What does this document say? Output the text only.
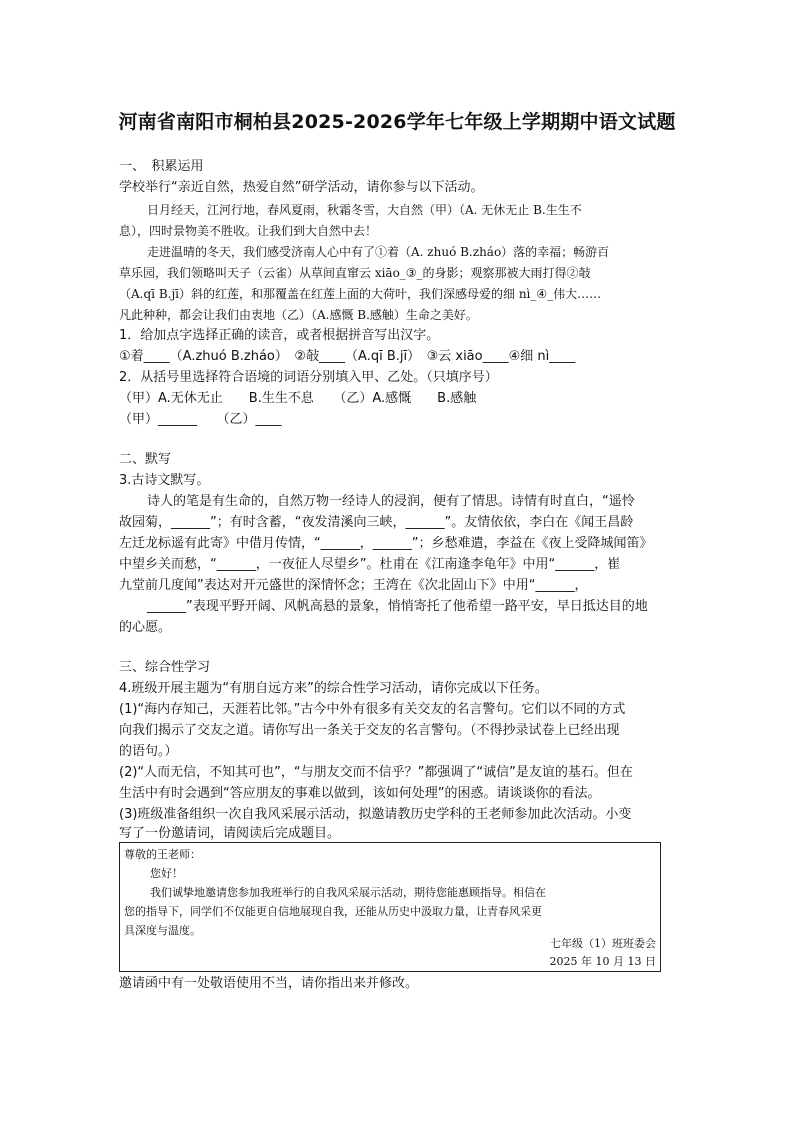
河南省南阳市桐柏县2025-2026学年七年级上学期期中语文试题
一、　积累运用
学校举行“亲近自然，热爱自然”研学活动，请你参与以下活动。
日月经天，江河行地，春风夏雨，秋霜冬雪，大自然（甲）（A. 无休无止 B.生生不
息），四时景物美不胜收。让我们到大自然中去！
走进温晴的冬天，我们感受济南人心中有了①着（A. zhuó B.zháo）落的幸福；畅游百
草乐园，我们领略叫天子（云雀）从草间直窜云 xiāo_③_的身影；观察那被大雨打得②敧
（A.qī B.jī）斜的红莲，和那覆盖在红莲上面的大荷叶，我们深感母爱的细 nì_④_伟大……
凡此种种，都会让我们由衷地（乙）（A.感慨 B.感触）生命之美好。
1．给加点字选择正确的读音，或者根据拼音写出汉字。
①着____（A.zhuó B.zháo）　②敧____（A.qī B.jī）　③云 xiāo____④细 nì____
2．从括号里选择符合语境的词语分别填入甲、乙处。（只填序号）
（甲）A.无休无止　　B.生生不息　　（乙）A.感慨　　B.感触
（甲）______　　（乙）____
二、默写
3.古诗文默写。
诗人的笔是有生命的，自然万物一经诗人的浸润，便有了情思。诗情有时直白，“遥怜
故园菊，______”；有时含蓄，“夜发清溪向三峡，______”。友情依依，李白在《闻王昌龄
左迁龙标遥有此寄》中借月传情，“______，______”；乡愁难遣，李益在《夜上受降城闻笛》
中望乡关而愁，“______，一夜征人尽望乡”。杜甫在《江南逢李龟年》中用“______，崔
九堂前几度闻”表达对开元盛世的深情怀念；王湾在《次北固山下》中用“______，
______”表现平野开阔、风帆高悬的景象，悄悄寄托了他希望一路平安，早日抵达目的地
的心愿。
三、综合性学习
4.班级开展主题为“有朋自远方来”的综合性学习活动，请你完成以下任务。
(1)“海内存知己，天涯若比邻。”古今中外有很多有关交友的名言警句。它们以不同的方式
向我们揭示了交友之道。请你写出一条关于交友的名言警句。（不得抄录试卷上已经出现
的语句。）
(2)“人而无信，不知其可也”，“与朋友交而不信乎？”都强调了“诚信”是友谊的基石。但在
生活中有时会遇到“答应朋友的事难以做到，该如何处理”的困惑。请谈谈你的看法。
(3)班级准备组织一次自我风采展示活动，拟邀请教历史学科的王老师参加此次活动。小变
写了一份邀请词，请阅读后完成题目。
尊敬的王老师：
您好！
我们诚挚地邀请您参加我班举行的自我风采展示活动，期待您能惠顾指导。相信在
您的指导下，同学们不仅能更自信地展现自我，还能从历史中汲取力量，让青春风采更
具深度与温度。
七年级（1）班班委会
2025 年 10 月 13 日
邀请函中有一处敬语使用不当，请你指出来并修改。
